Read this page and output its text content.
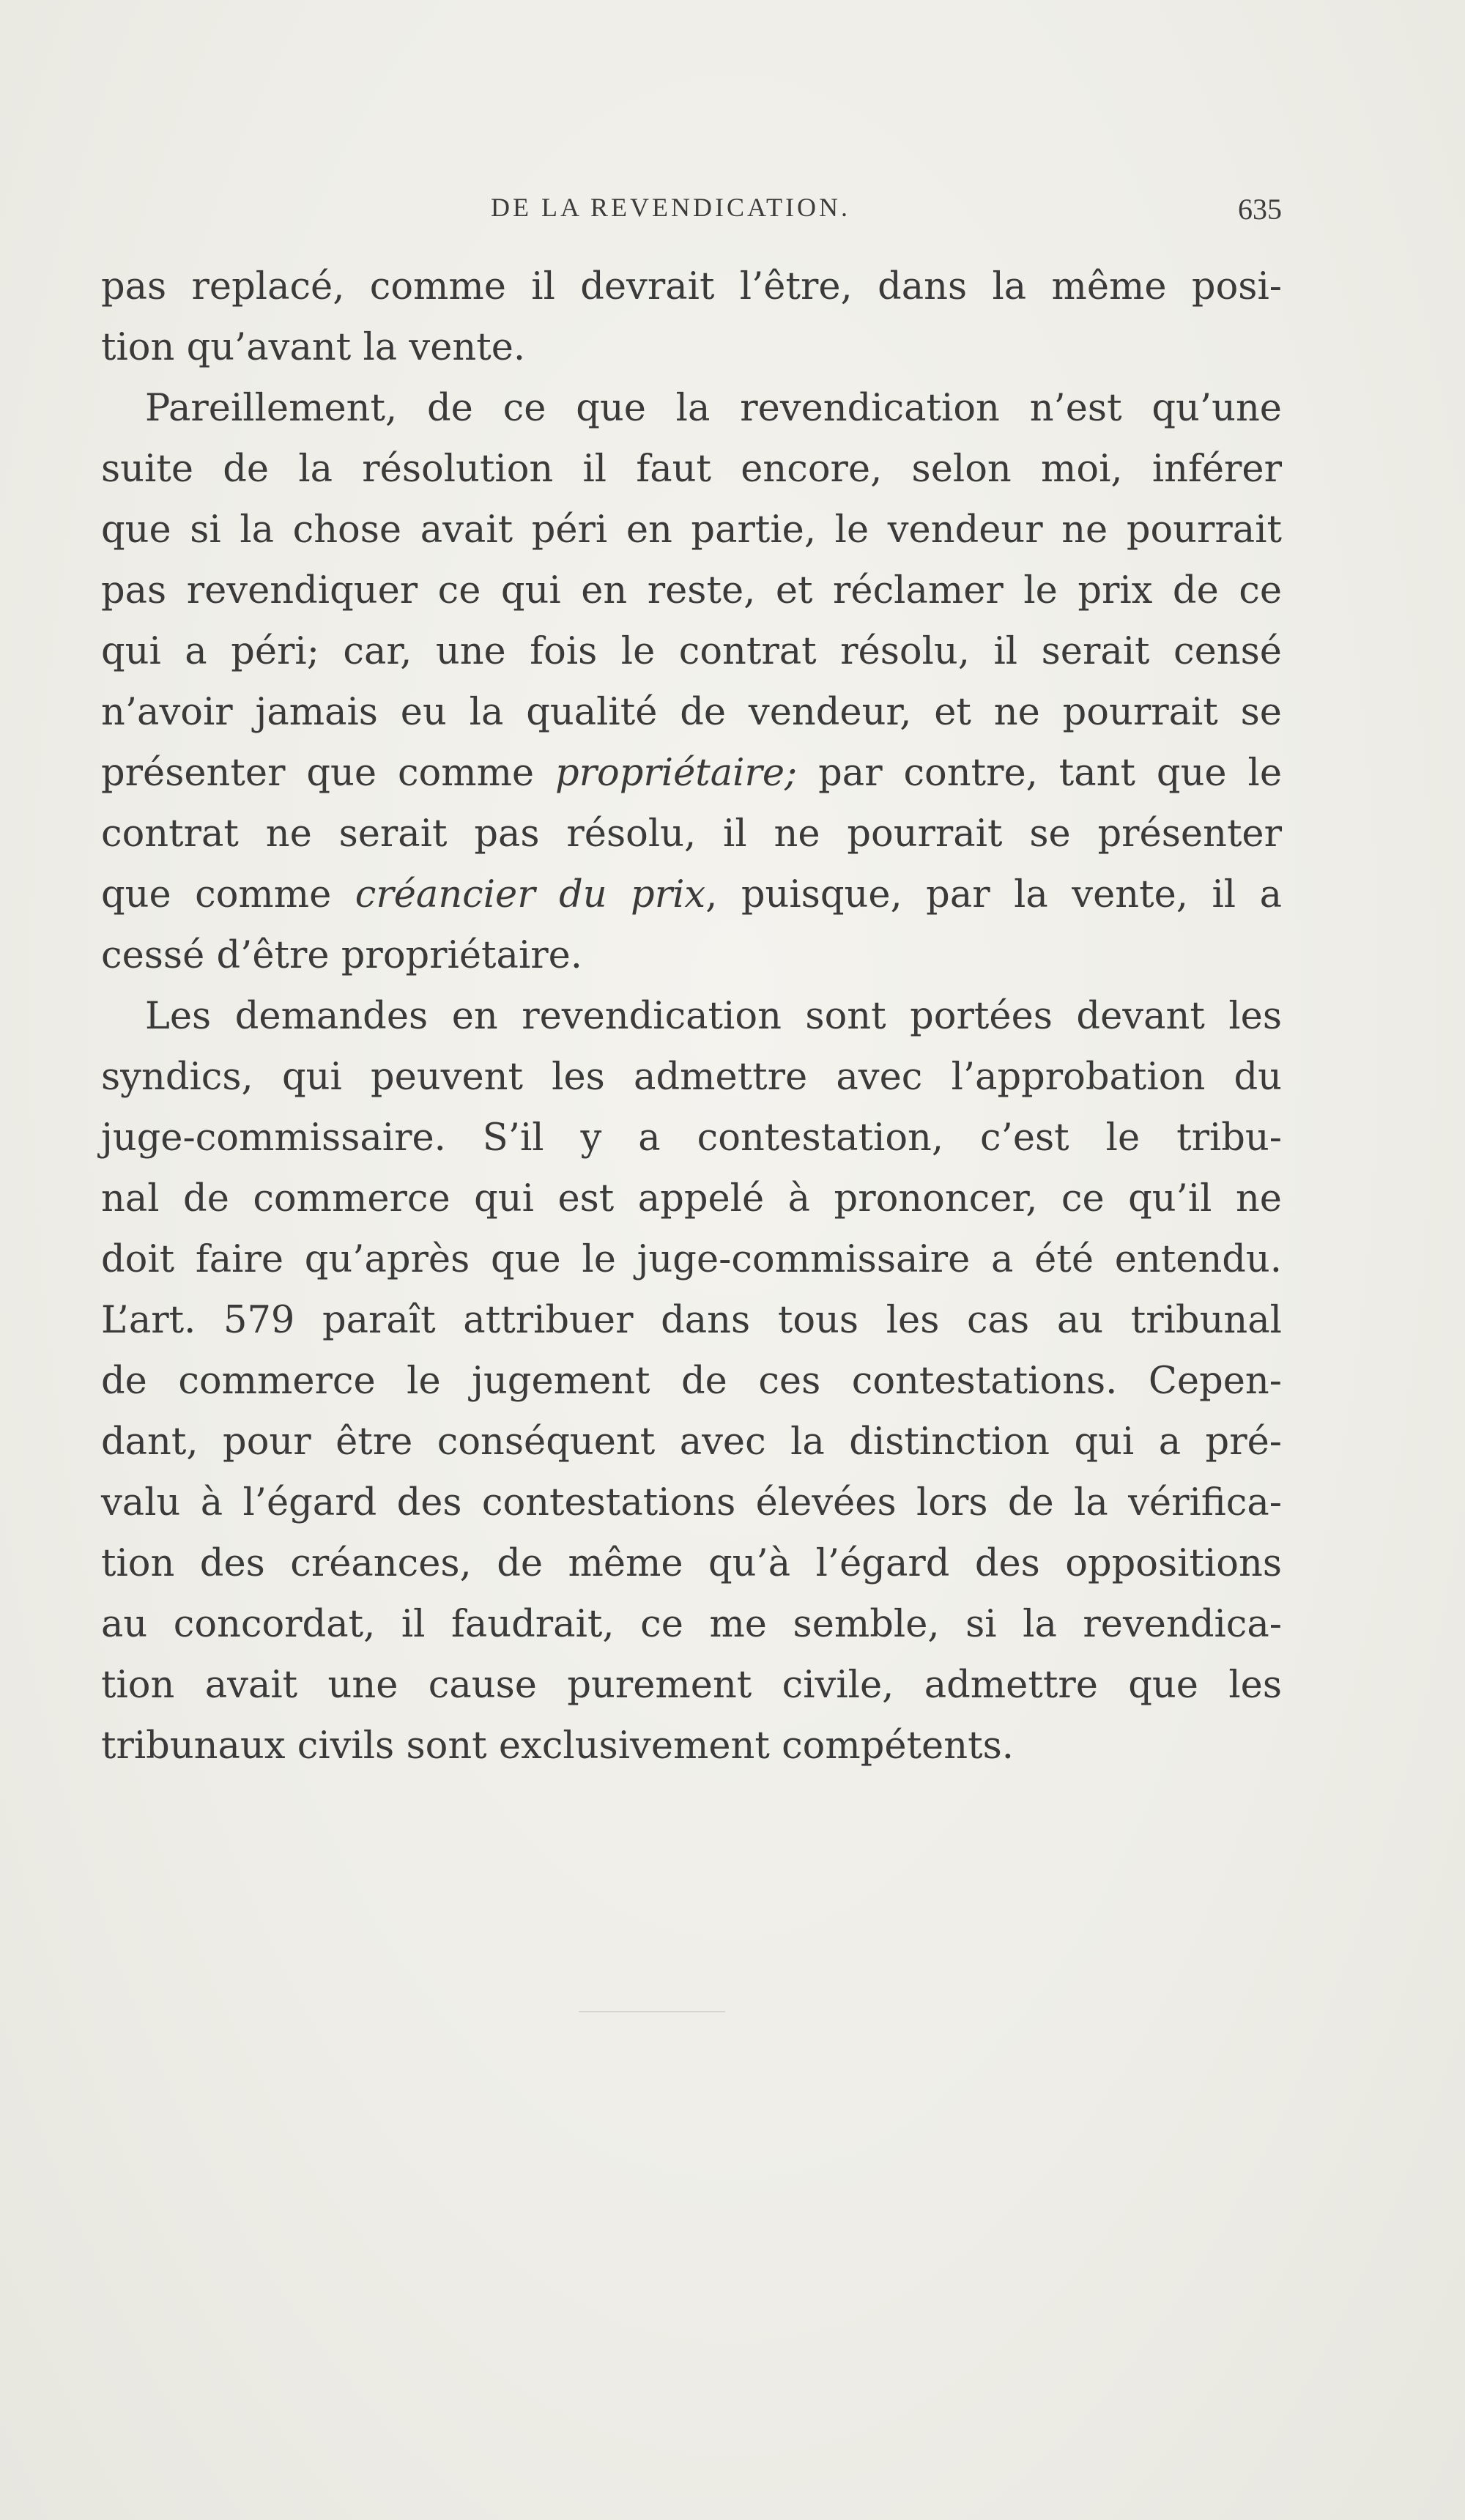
DE LA REVENDICATION.	635
pas replacé, comme il devrait l’être, dans la même posi-
tion qu’avant la vente.
Pareillement, de ce que la revendication n’est qu’une
suite de la résolution il faut encore, selon moi, inférer
que si la chose avait péri en partie, le vendeur ne pourrait
pas revendiquer ce qui en reste, et réclamer le prix de ce
qui a péri; car, une fois le contrat résolu, il serait censé
n’avoir jamais eu la qualité de vendeur, et ne pourrait se
présenter que comme propriétaire; par contre, tant que le
contrat ne serait pas résolu, il ne pourrait se présenter
que comme créancier du prix, puisque, par la vente, il a
cessé d’être propriétaire.
Les demandes en revendication sont portées devant les
syndics, qui peuvent les admettre avec l’approbation du
juge-commissaire. S’il y a contestation, c’est le tribu-
nal de commerce qui est appelé à prononcer, ce qu’il ne
doit faire qu’après que le juge-commissaire a été entendu.
L’art. 579 paraît attribuer dans tous les cas au tribunal
de commerce le jugement de ces contestations. Cepen-
dant, pour être conséquent avec la distinction qui a pré-
valu à l’égard des contestations élevées lors de la vérifica-
tion des créances, de même qu’à l’égard des oppositions
au concordat, il faudrait, ce me semble, si la revendica-
tion avait une cause purement civile, admettre que les
tribunaux civils sont exclusivement compétents.
